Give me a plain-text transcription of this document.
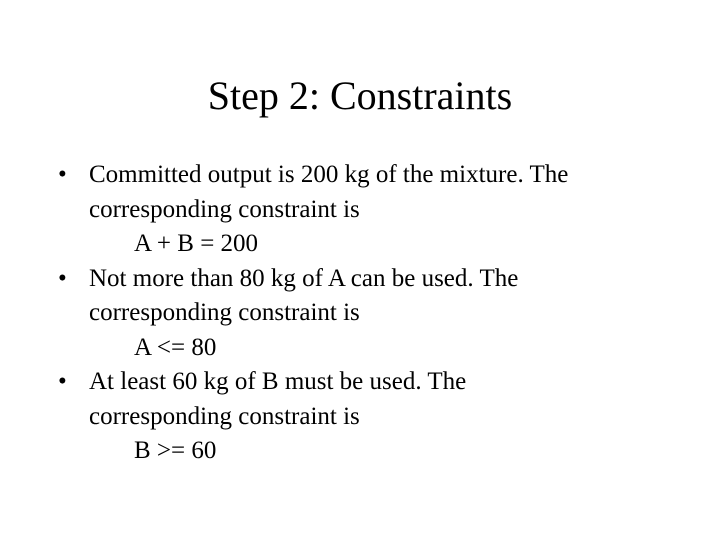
Step 2: Constraints
• Committed output is 200 kg of the mixture. The
corresponding constraint is
A + B = 200
• Not more than 80 kg of A can be used. The
corresponding constraint is
A <= 80
• At least 60 kg of B must be used. The
corresponding constraint is
B >= 60
